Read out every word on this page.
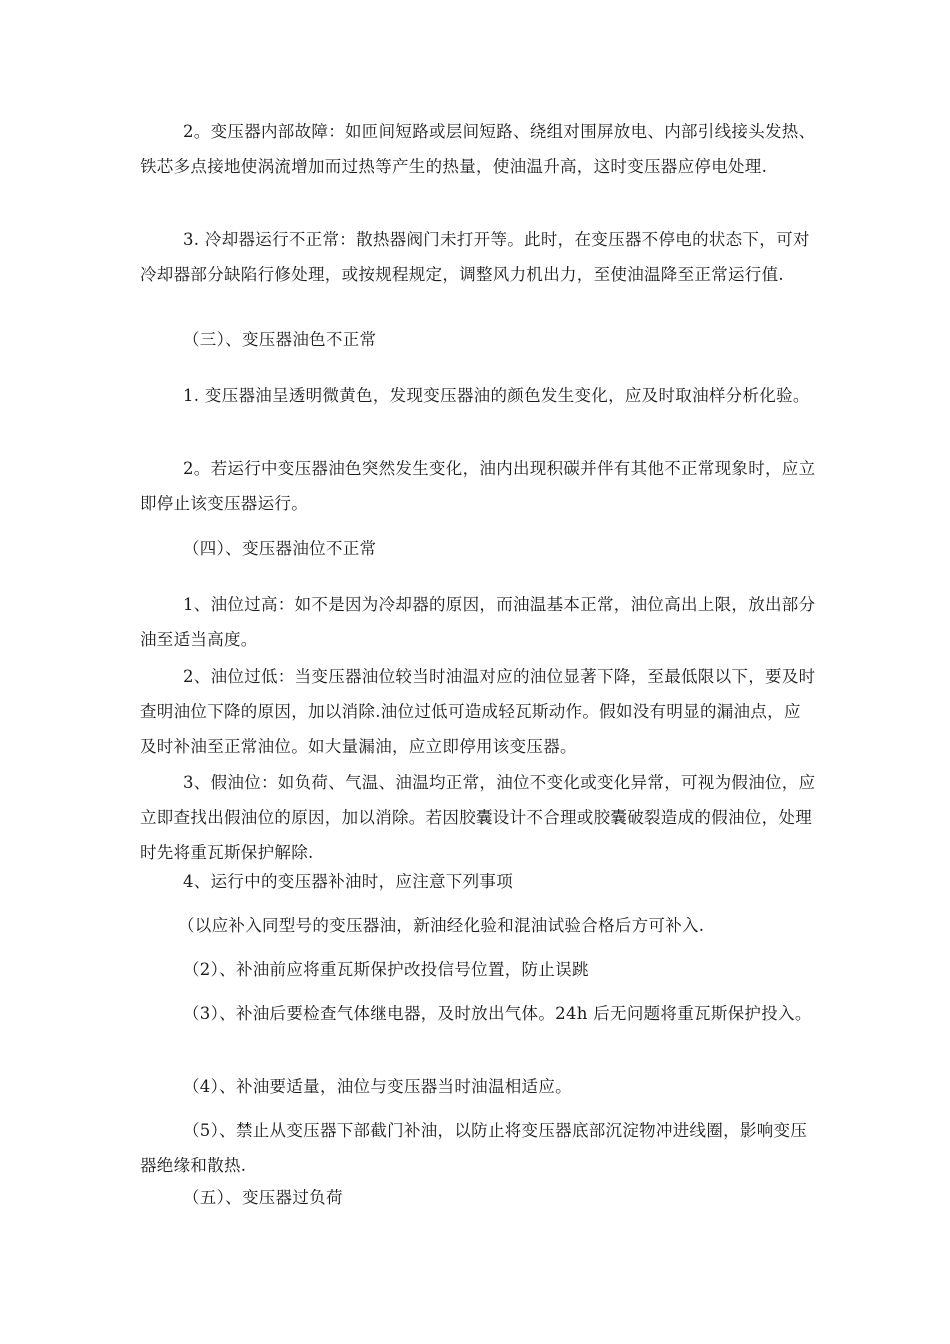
2。变压器内部故障：如匝间短路或层间短路、绕组对围屏放电、内部引线接头发热、铁芯多点接地使涡流增加而过热等产生的热量，使油温升高，这时变压器应停电处理.

3. 冷却器运行不正常：散热器阀门未打开等。此时，在变压器不停电的状态下，可对冷却器部分缺陷行修处理，或按规程规定，调整风力机出力，至使油温降至正常运行值.

（三）、变压器油色不正常

1. 变压器油呈透明微黄色，发现变压器油的颜色发生变化，应及时取油样分析化验。

2。若运行中变压器油色突然发生变化，油内出现积碳并伴有其他不正常现象时，应立即停止该变压器运行。

（四）、变压器油位不正常

1、油位过高：如不是因为冷却器的原因，而油温基本正常，油位高出上限，放出部分油至适当高度。

2、油位过低：当变压器油位较当时油温对应的油位显著下降，至最低限以下，要及时查明油位下降的原因，加以消除.油位过低可造成轻瓦斯动作。假如没有明显的漏油点，应及时补油至正常油位。如大量漏油，应立即停用该变压器。

3、假油位：如负荷、气温、油温均正常，油位不变化或变化异常，可视为假油位，应立即查找出假油位的原因，加以消除。若因胶囊设计不合理或胶囊破裂造成的假油位，处理时先将重瓦斯保护解除.

4、运行中的变压器补油时，应注意下列事项

（以应补入同型号的变压器油，新油经化验和混油试验合格后方可补入.

（2）、补油前应将重瓦斯保护改投信号位置，防止误跳

（3）、补油后要检查气体继电器，及时放出气体。24h 后无问题将重瓦斯保护投入。

（4）、补油要适量，油位与变压器当时油温相适应。

（5）、禁止从变压器下部截门补油，以防止将变压器底部沉淀物冲进线圈，影响变压器绝缘和散热.

（五）、变压器过负荷
